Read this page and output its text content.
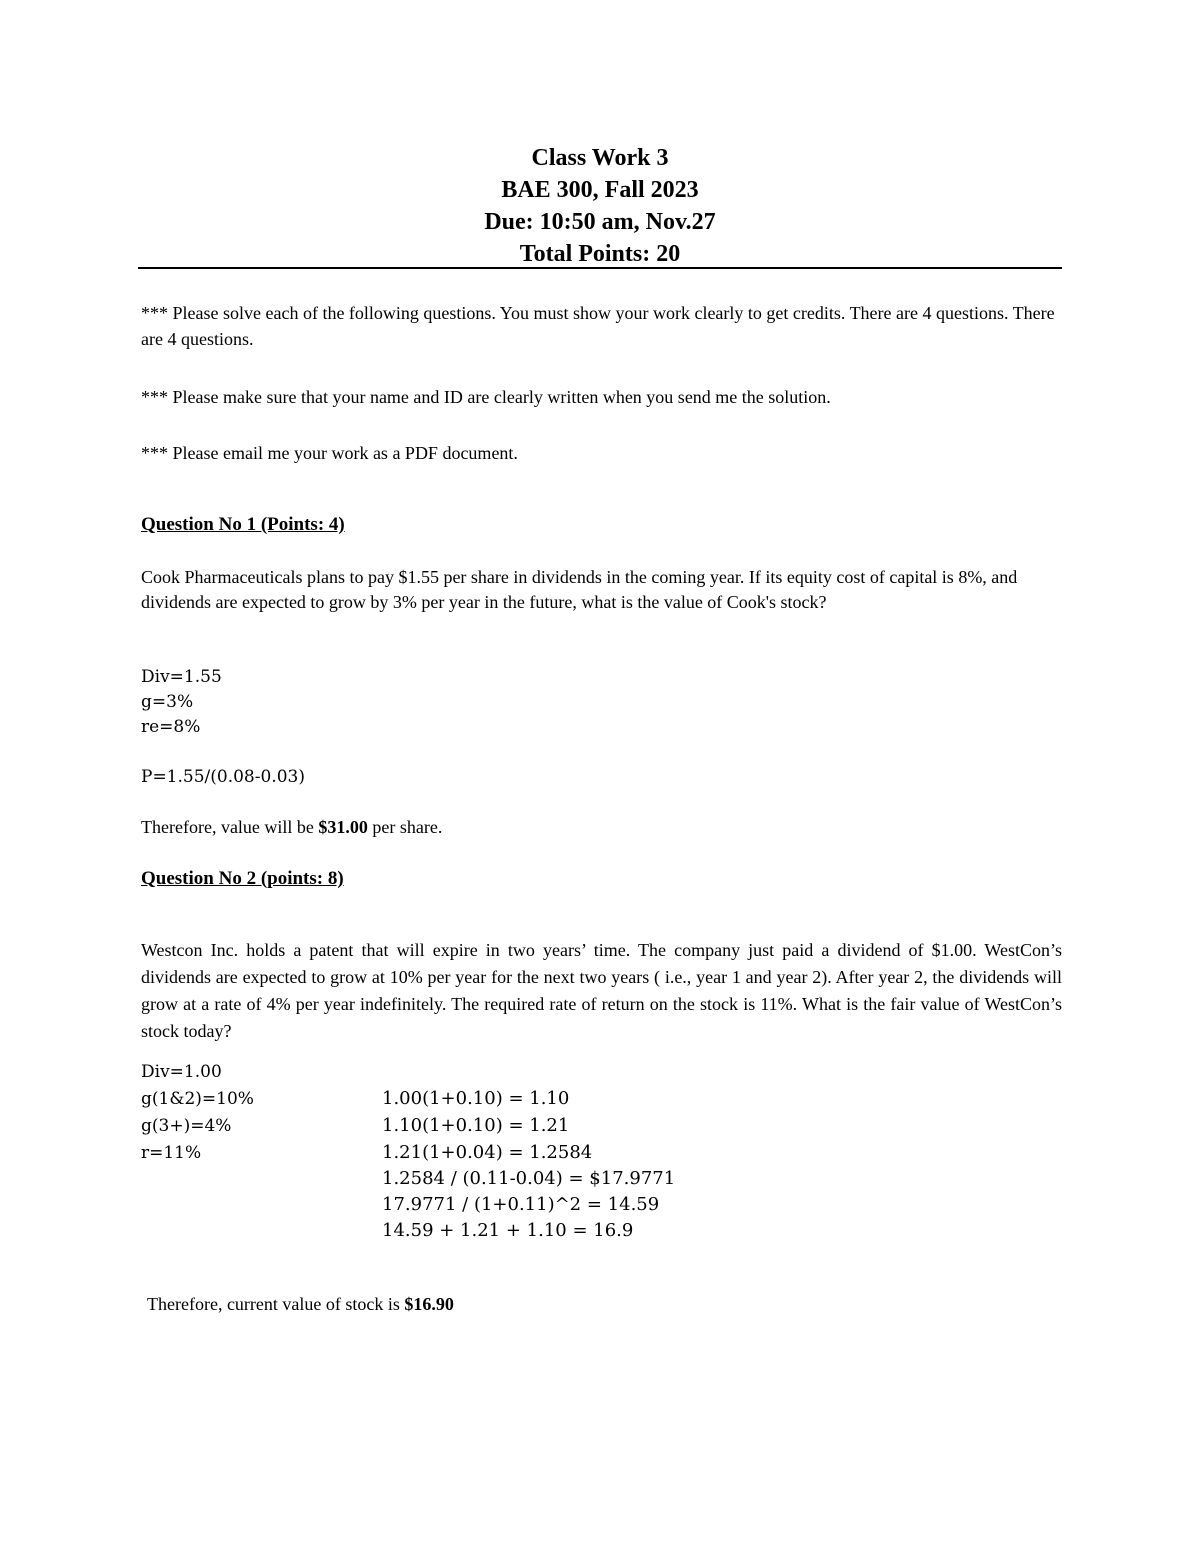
Class Work 3
BAE 300, Fall 2023
Due: 10:50 am, Nov.27
Total Points: 20
*** Please solve each of the following questions. You must show your work clearly to get credits. There are 4 questions. There are 4 questions.
*** Please make sure that your name and ID are clearly written when you send me the solution.
*** Please email me your work as a PDF document.
Question No 1 (Points: 4)
Cook Pharmaceuticals plans to pay $1.55 per share in dividends in the coming year. If its equity cost of capital is 8%, and dividends are expected to grow by 3% per year in the future, what is the value of Cook's stock?
Div=1.55
g=3%
re=8%
P=1.55/(0.08-0.03)
Therefore, value will be $31.00 per share.
Question No 2 (points: 8)
Westcon Inc. holds a patent that will expire in two years’ time. The company just paid a dividend of $1.00. WestCon’s dividends are expected to grow at 10% per year for the next two years ( i.e., year 1 and year 2). After year 2, the dividends will grow at a rate of 4% per year indefinitely. The required rate of return on the stock is 11%. What is the fair value of WestCon’s stock today?
Div=1.00
g(1&2)=10%
g(3+)=4%
r=11%
1.00(1+0.10) = 1.10
1.10(1+0.10) = 1.21
1.21(1+0.04) = 1.2584
1.2584 / (0.11-0.04) = $17.9771
17.9771 / (1+0.11)^2 = 14.59
14.59 + 1.21 + 1.10 = 16.9
Therefore, current value of stock is $16.90
